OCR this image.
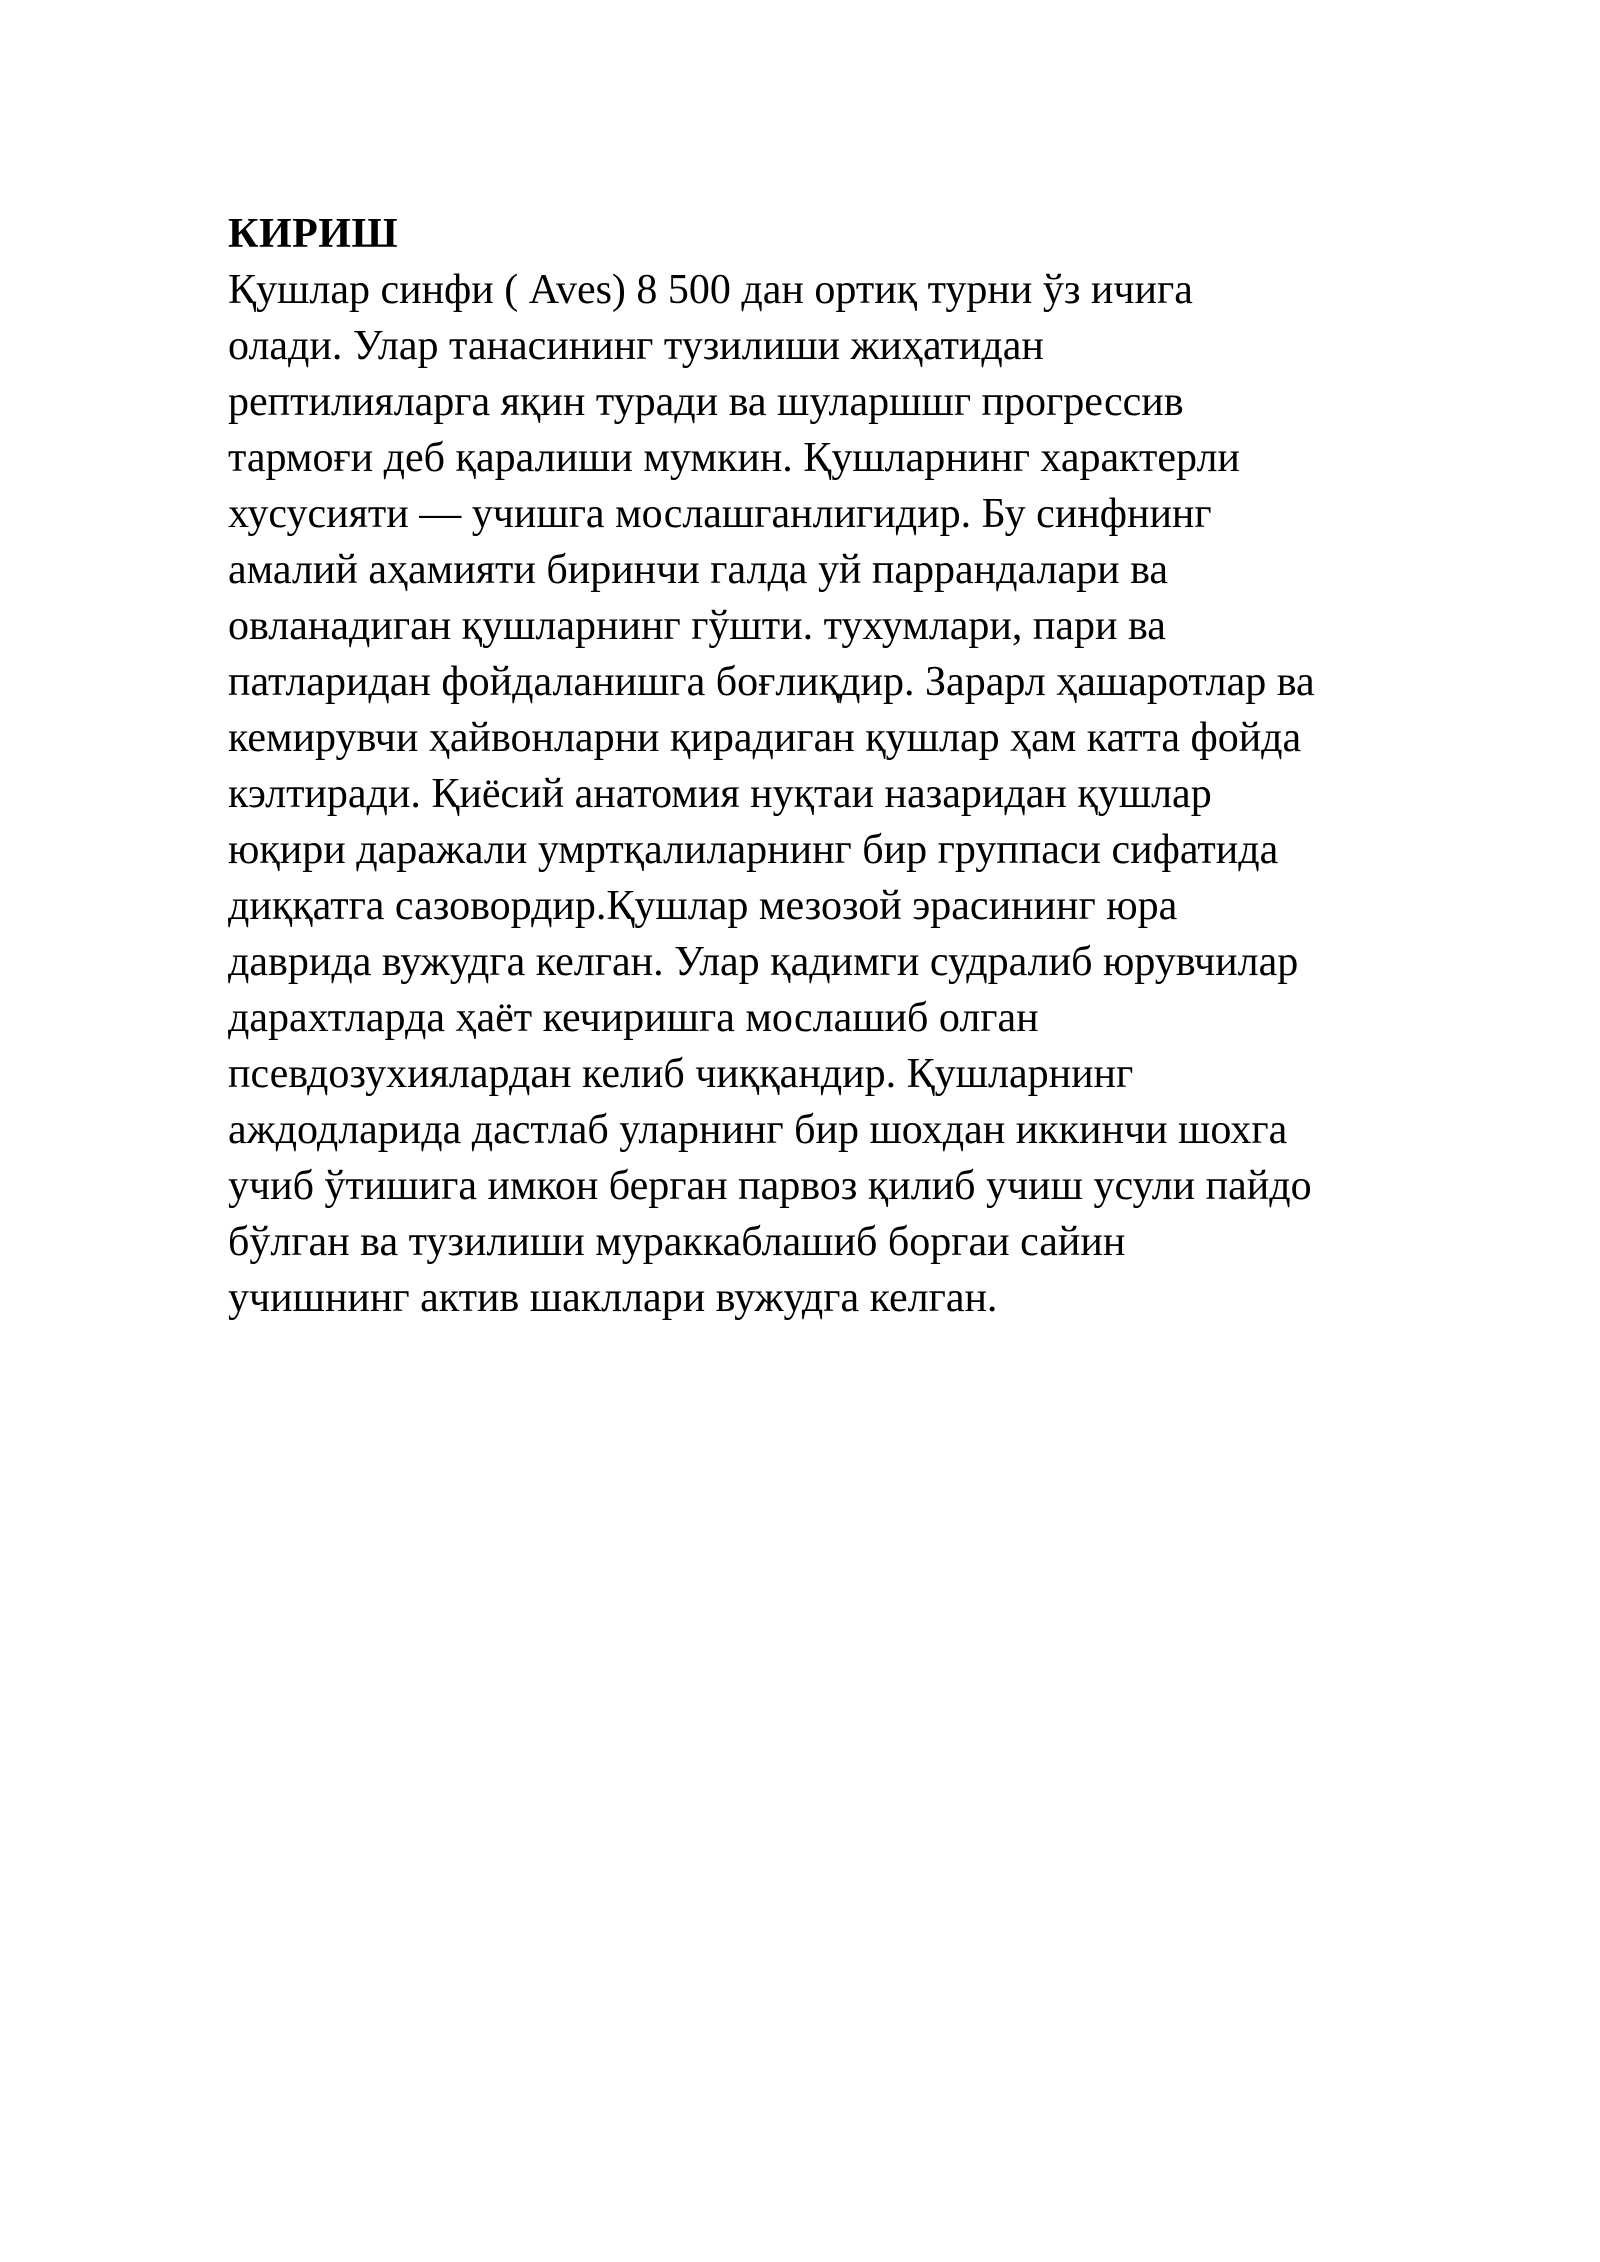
КИРИШ
Қушлар синфи ( Aves) 8 500 дан ортиқ турни ўз ичига
олади. Улар танасининг тузилиши жиҳатидан
рептилияларга яқин туради ва шуларшшг прогрессив
тармоғи деб қаралиши мумкин. Қушларнинг характерли
хусусияти — учишга мослашганлигидир. Бу синфнинг
амалий аҳамияти биринчи галда уй паррандалари ва
овланадиган қушларнинг гўшти. тухумлари, пари ва
патларидан фойдаланишга боғлиқдир. Зарарл ҳашаротлар ва
кемирувчи ҳайвонларни қирадиган қушлар ҳам катта фойда
кэлтиради. Қиёсий анатомия нуқтаи назаридан қушлар
юқири даражали умртқалиларнинг бир группаси сифатида
диққатга сазовордир.Қушлар мезозой эрасининг юра
даврида вужудга келган. Улар қадимги судралиб юрувчилар
дарахтларда ҳаёт кечиришга мослашиб олган
псевдозухиялардан келиб чиққандир. Қушларнинг
аждодларида дастлаб уларнинг бир шохдан иккинчи шохга
учиб ўтишига имкон берган парвоз қилиб учиш усули пайдо
бўлган ва тузилиши мураккаблашиб боргаи сайин
учишнинг актив шакллари вужудга келган.
